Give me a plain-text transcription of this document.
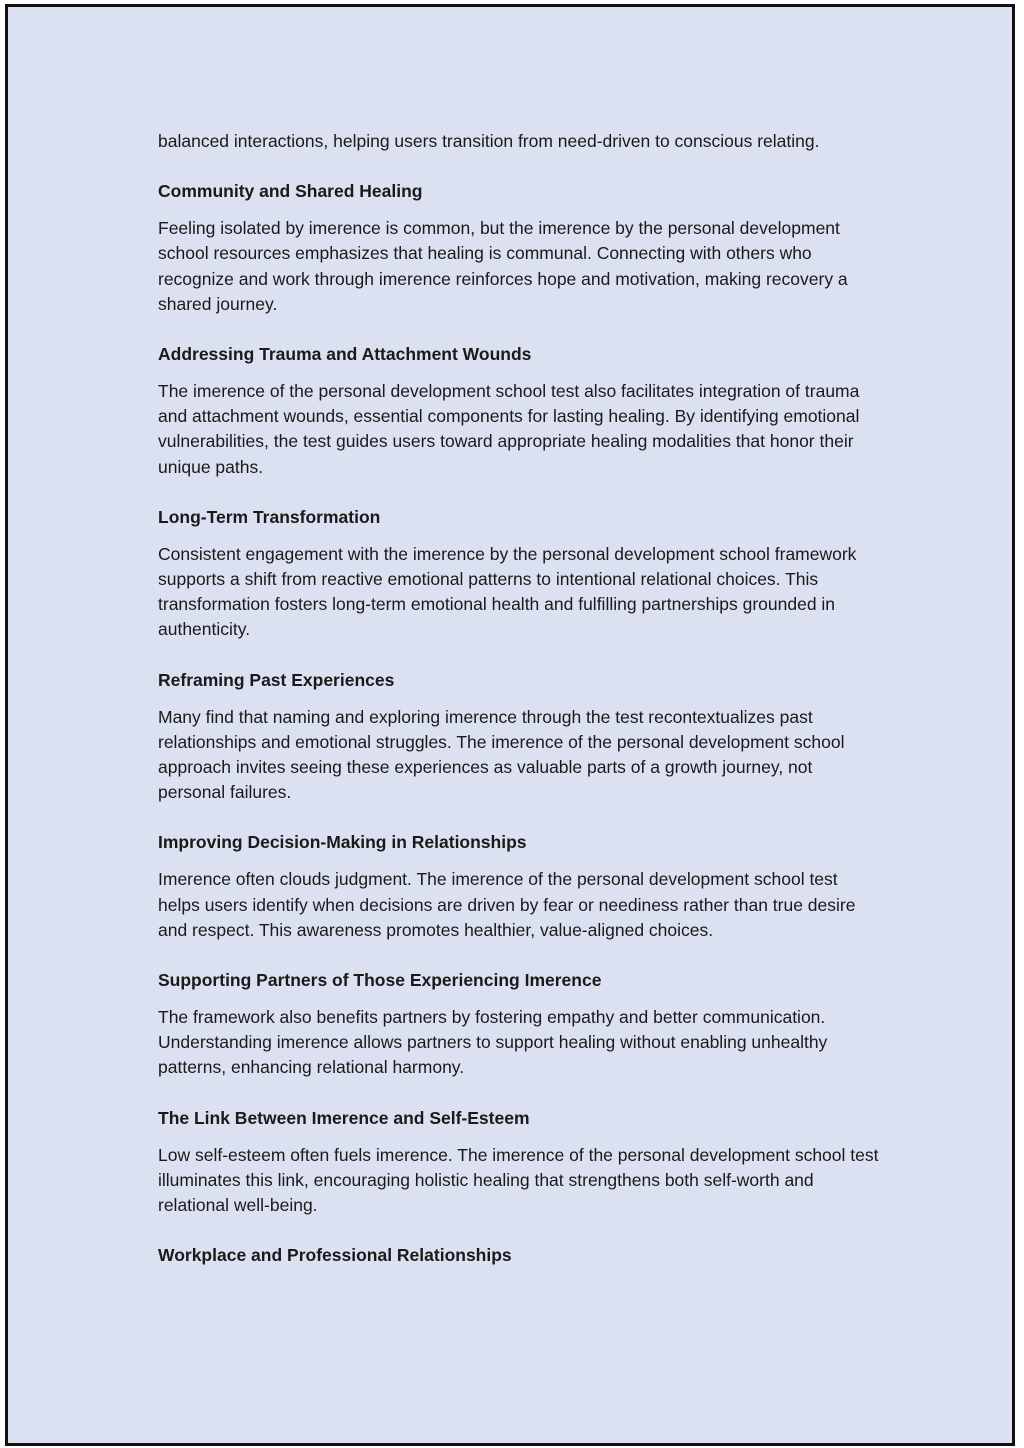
balanced interactions, helping users transition from need-driven to conscious relating.

Community and Shared Healing

Feeling isolated by imerence is common, but the imerence by the personal development school resources emphasizes that healing is communal. Connecting with others who recognize and work through imerence reinforces hope and motivation, making recovery a shared journey.

Addressing Trauma and Attachment Wounds

The imerence of the personal development school test also facilitates integration of trauma and attachment wounds, essential components for lasting healing. By identifying emotional vulnerabilities, the test guides users toward appropriate healing modalities that honor their unique paths.

Long-Term Transformation

Consistent engagement with the imerence by the personal development school framework supports a shift from reactive emotional patterns to intentional relational choices. This transformation fosters long-term emotional health and fulfilling partnerships grounded in authenticity.

Reframing Past Experiences

Many find that naming and exploring imerence through the test recontextualizes past relationships and emotional struggles. The imerence of the personal development school approach invites seeing these experiences as valuable parts of a growth journey, not personal failures.

Improving Decision-Making in Relationships

Imerence often clouds judgment. The imerence of the personal development school test helps users identify when decisions are driven by fear or neediness rather than true desire and respect. This awareness promotes healthier, value-aligned choices.

Supporting Partners of Those Experiencing Imerence

The framework also benefits partners by fostering empathy and better communication. Understanding imerence allows partners to support healing without enabling unhealthy patterns, enhancing relational harmony.

The Link Between Imerence and Self-Esteem

Low self-esteem often fuels imerence. The imerence of the personal development school test illuminates this link, encouraging holistic healing that strengthens both self-worth and relational well-being.

Workplace and Professional Relationships
